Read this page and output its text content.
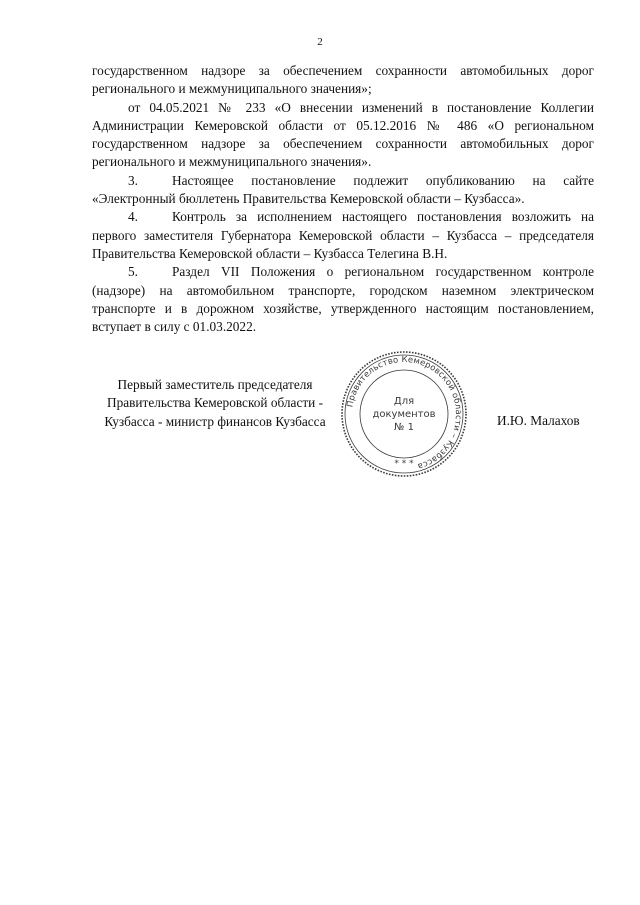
2

государственном надзоре за обеспечением сохранности автомобильных дорог регионального и межмуниципального значения»;

от 04.05.2021 № 233 «О внесении изменений в постановление Коллегии Администрации Кемеровской области от 05.12.2016 № 486 «О региональном государственном надзоре за обеспечением сохранности автомобильных дорог регионального и межмуниципального значения».

3.	Настоящее постановление подлежит опубликованию на сайте «Электронный бюллетень Правительства Кемеровской области – Кузбасса».

4.	Контроль за исполнением настоящего постановления возложить на первого заместителя Губернатора Кемеровской области – Кузбасса – председателя Правительства Кемеровской области – Кузбасса Телегина В.Н.

5.	Раздел VII Положения о региональном государственном контроле (надзоре) на автомобильном транспорте, городском наземном электрическом транспорте и в дорожном хозяйстве, утвержденного настоящим постановлением, вступает в силу с 01.03.2022.

Первый заместитель председателя
Правительства Кемеровской области -
Кузбасса - министр финансов Кузбасса	И.Ю. Малахов
Правительство Кемеровской области – Кузбасса
Для
документов
№ 1
* * *
